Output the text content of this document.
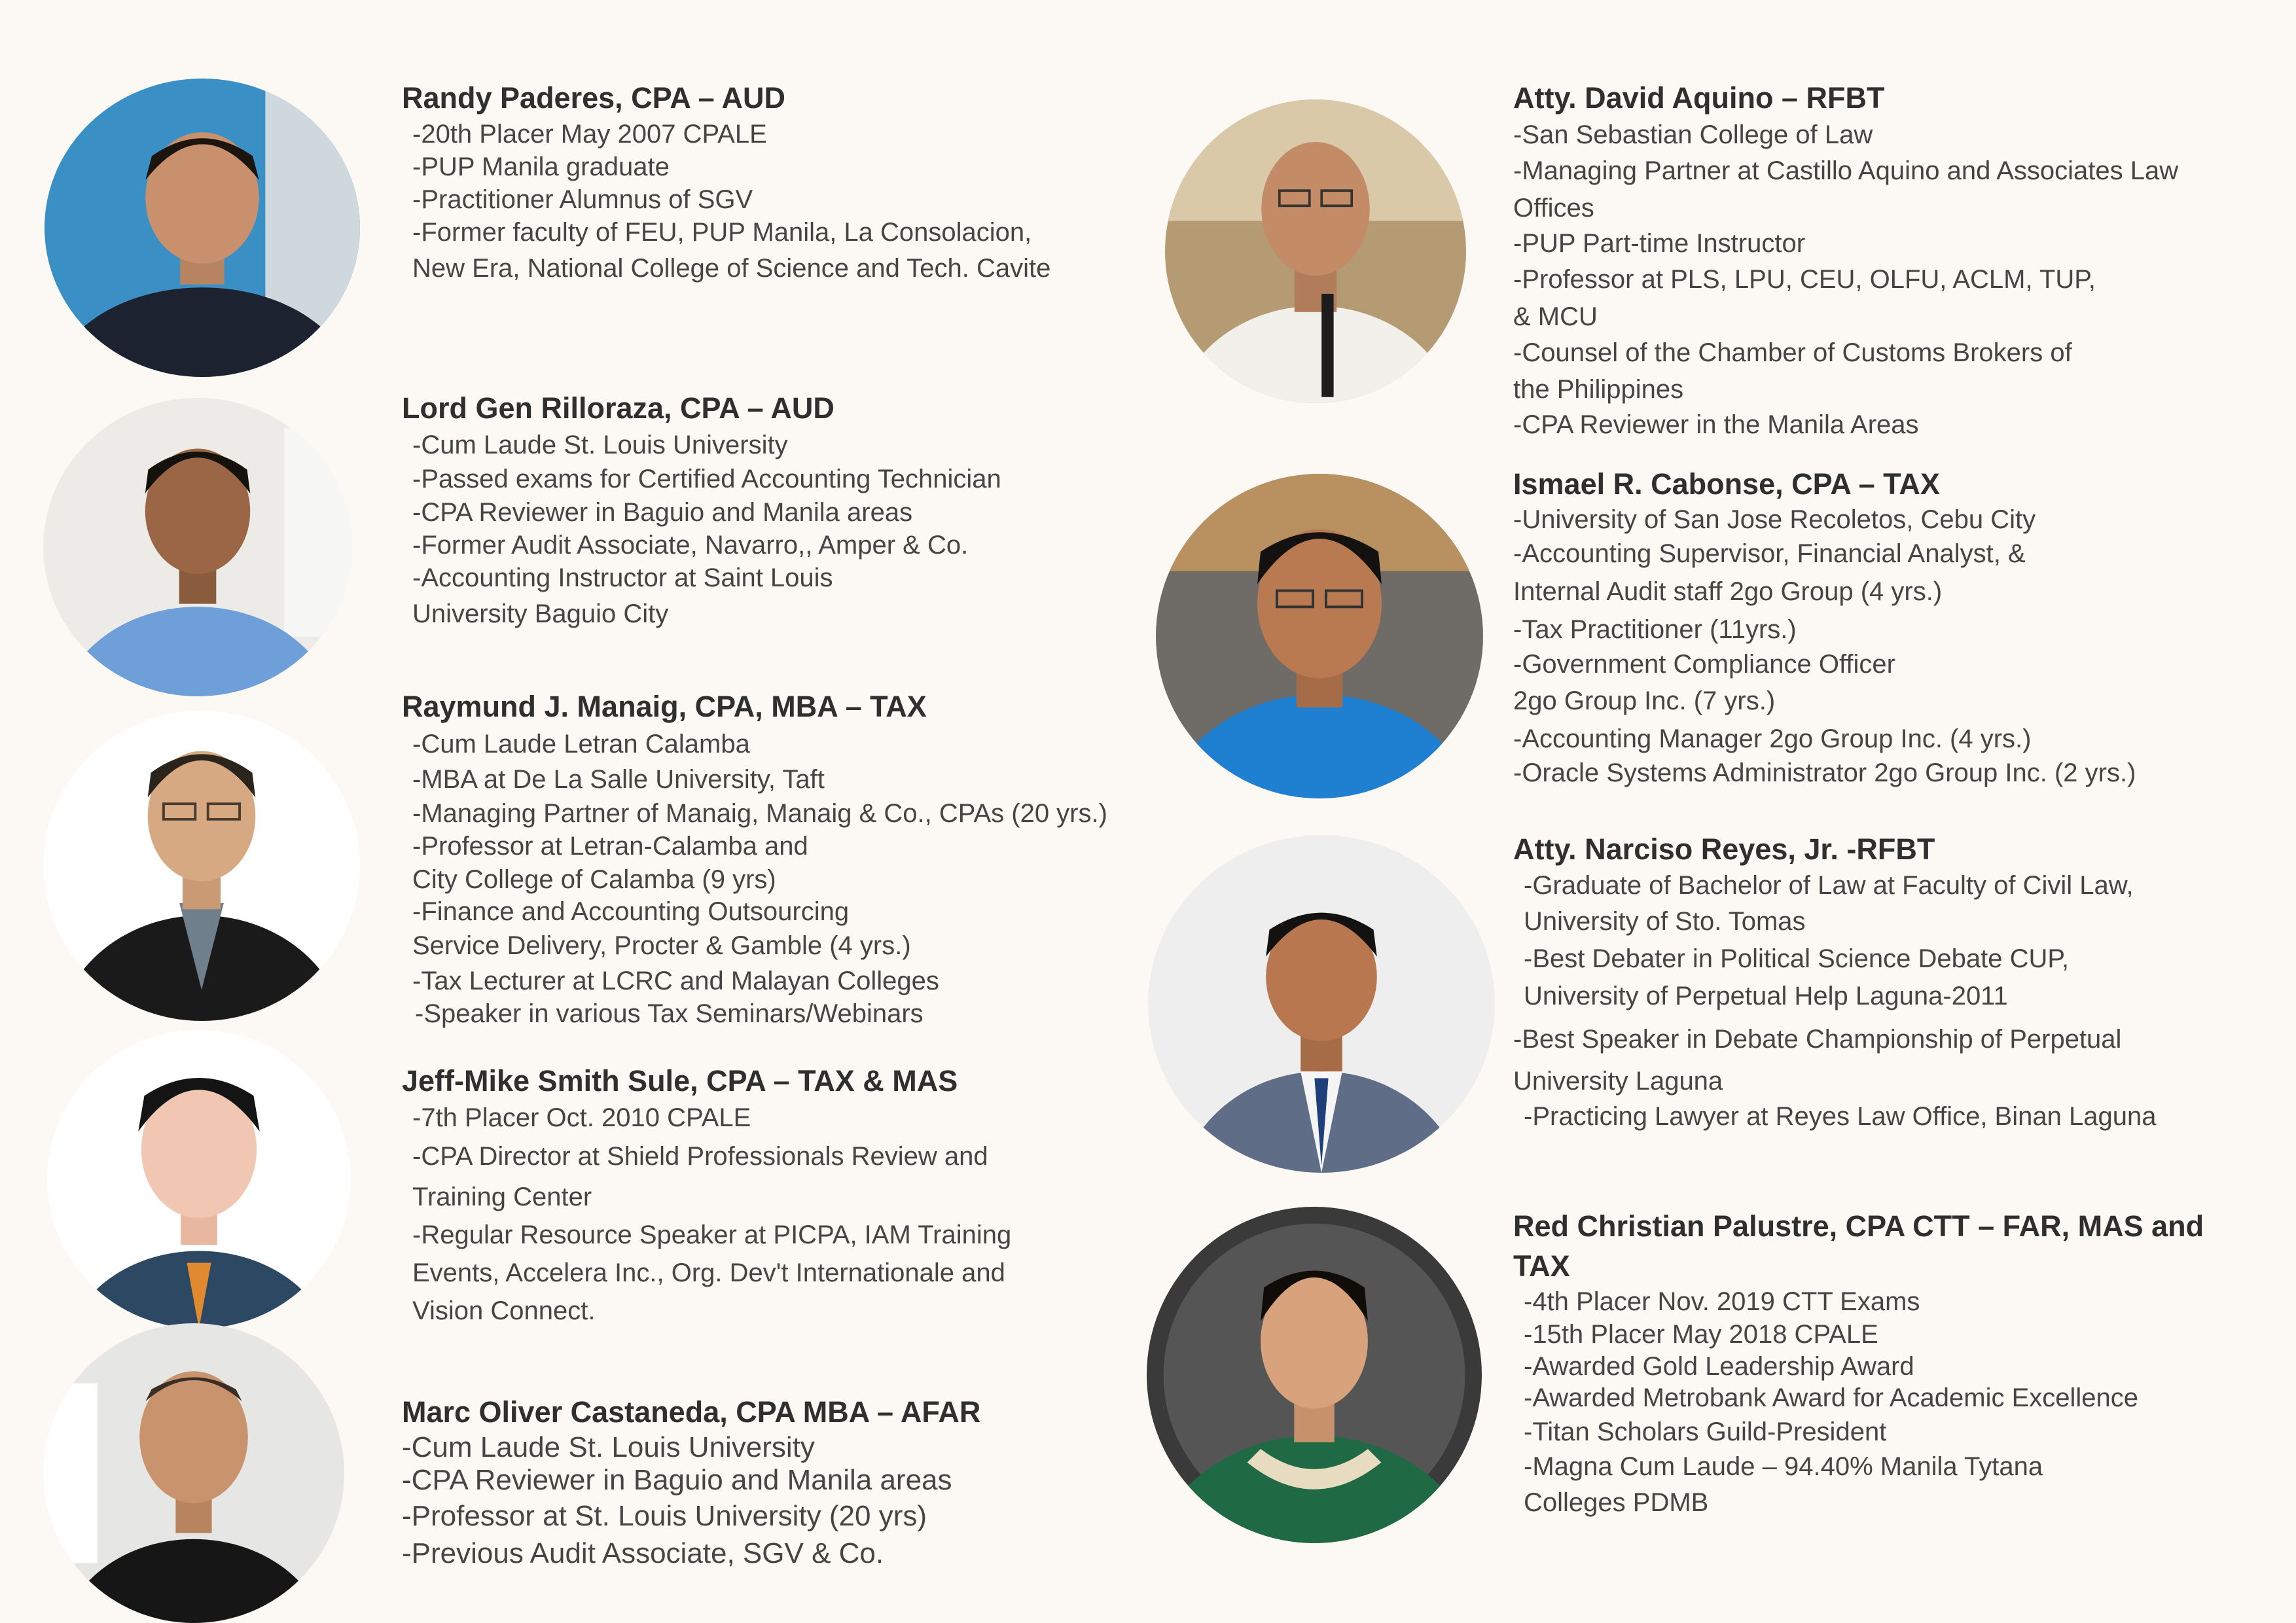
Randy Paderes, CPA – AUD

-20th Placer May 2007 CPALE

-PUP Manila graduate

-Practitioner Alumnus of SGV

-Former faculty of FEU, PUP Manila, La Consolacion,

New Era, National College of Science and Tech. Cavite

Lord Gen Rilloraza, CPA – AUD

-Cum Laude St. Louis University

-Passed exams for Certified Accounting Technician

-CPA Reviewer in Baguio and Manila areas

-Former Audit Associate, Navarro,, Amper & Co.

-Accounting Instructor at Saint Louis

University Baguio City

Raymund J. Manaig, CPA, MBA – TAX

-Cum Laude Letran Calamba

-MBA at De La Salle University, Taft

-Managing Partner of Manaig, Manaig & Co., CPAs (20 yrs.)

-Professor at Letran-Calamba and

City College of Calamba (9 yrs)

-Finance and Accounting Outsourcing

Service Delivery, Procter & Gamble (4 yrs.)

-Tax Lecturer at LCRC and Malayan Colleges

-Speaker in various Tax Seminars/Webinars

Jeff-Mike Smith Sule, CPA – TAX & MAS

-7th Placer Oct. 2010 CPALE

-CPA Director at Shield Professionals Review and

Training Center

-Regular Resource Speaker at PICPA, IAM Training

Events, Accelera Inc., Org. Dev't Internationale and

Vision Connect.

Marc Oliver Castaneda, CPA MBA – AFAR

-Cum Laude St. Louis University

-CPA Reviewer in Baguio and Manila areas

-Professor at St. Louis University (20 yrs)

-Previous Audit Associate, SGV & Co.

Atty. David Aquino – RFBT

-San Sebastian College of Law

-Managing Partner at Castillo Aquino and Associates Law

Offices

-PUP Part-time Instructor

-Professor at PLS, LPU, CEU, OLFU, ACLM, TUP,

& MCU

-Counsel of the Chamber of Customs Brokers of

the Philippines

-CPA Reviewer in the Manila Areas

Ismael R. Cabonse, CPA – TAX

-University of San Jose Recoletos, Cebu City

-Accounting Supervisor, Financial Analyst, &

Internal Audit staff 2go Group (4 yrs.)

-Tax Practitioner (11yrs.)

-Government Compliance Officer

2go Group Inc. (7 yrs.)

-Accounting Manager 2go Group Inc. (4 yrs.)

-Oracle Systems Administrator 2go Group Inc. (2 yrs.)

Atty. Narciso Reyes, Jr. -RFBT

-Graduate of Bachelor of Law at Faculty of Civil Law,

University of Sto. Tomas

-Best Debater in Political Science Debate CUP,

University of Perpetual Help Laguna-2011

-Best Speaker in Debate Championship of Perpetual

University Laguna

-Practicing Lawyer at Reyes Law Office, Binan Laguna

Red Christian Palustre, CPA CTT – FAR, MAS and

TAX

-4th Placer Nov. 2019 CTT Exams

-15th Placer May 2018 CPALE

-Awarded Gold Leadership Award

-Awarded Metrobank Award for Academic Excellence

-Titan Scholars Guild-President

-Magna Cum Laude – 94.40% Manila Tytana

Colleges PDMB
